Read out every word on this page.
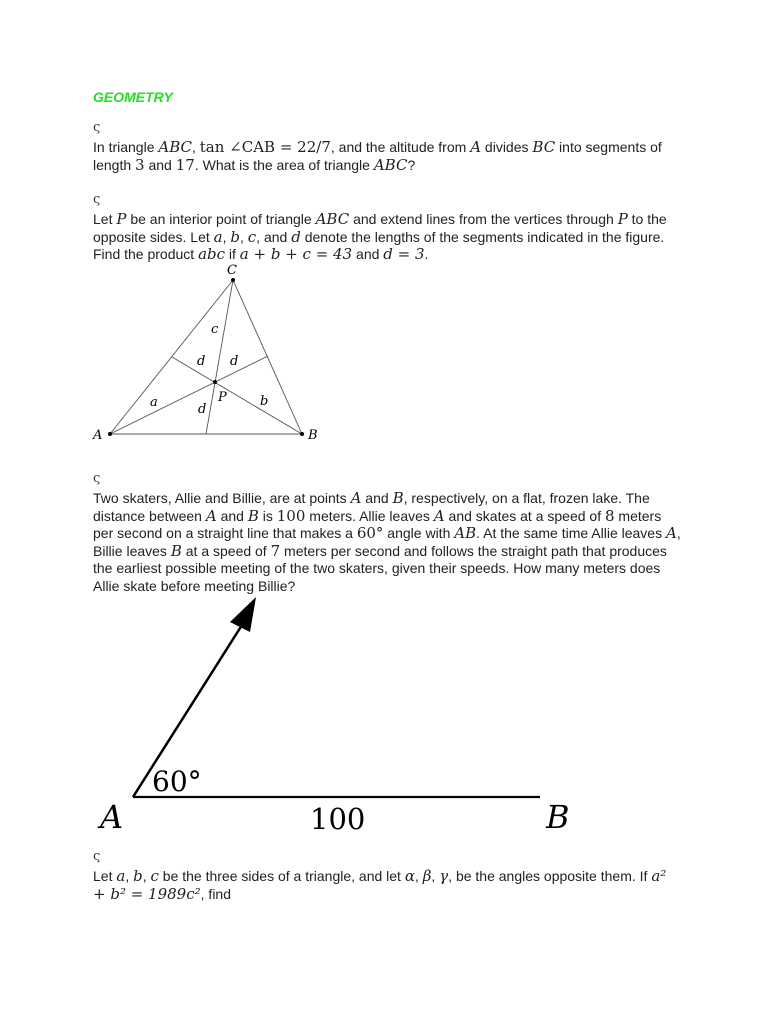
GEOMETRY
ς
In triangle ABC, tan ∠CAB = 22/7, and the altitude from A divides BC into segments of length 3 and 17. What is the area of triangle ABC?
ς
Let P be an interior point of triangle ABC and extend lines from the vertices through P to the opposite sides. Let a, b, c, and d denote the lengths of the segments indicated in the figure. Find the product abc if a + b + c = 43 and d = 3.
A	B
C
P
a	b
c
d d
d
ς
Two skaters, Allie and Billie, are at points A and B, respectively, on a flat, frozen lake. The distance between A and B is 100 meters. Allie leaves A and skates at a speed of 8 meters per second on a straight line that makes a 60° angle with AB. At the same time Allie leaves A, Billie leaves B at a speed of 7 meters per second and follows the straight path that produces the earliest possible meeting of the two skaters, given their speeds. How many meters does Allie skate before meeting Billie?
60°
A	B
100
ς
Let a, b, c be the three sides of a triangle, and let α, β, γ, be the angles opposite them. If a² + b² = 1989c², find
